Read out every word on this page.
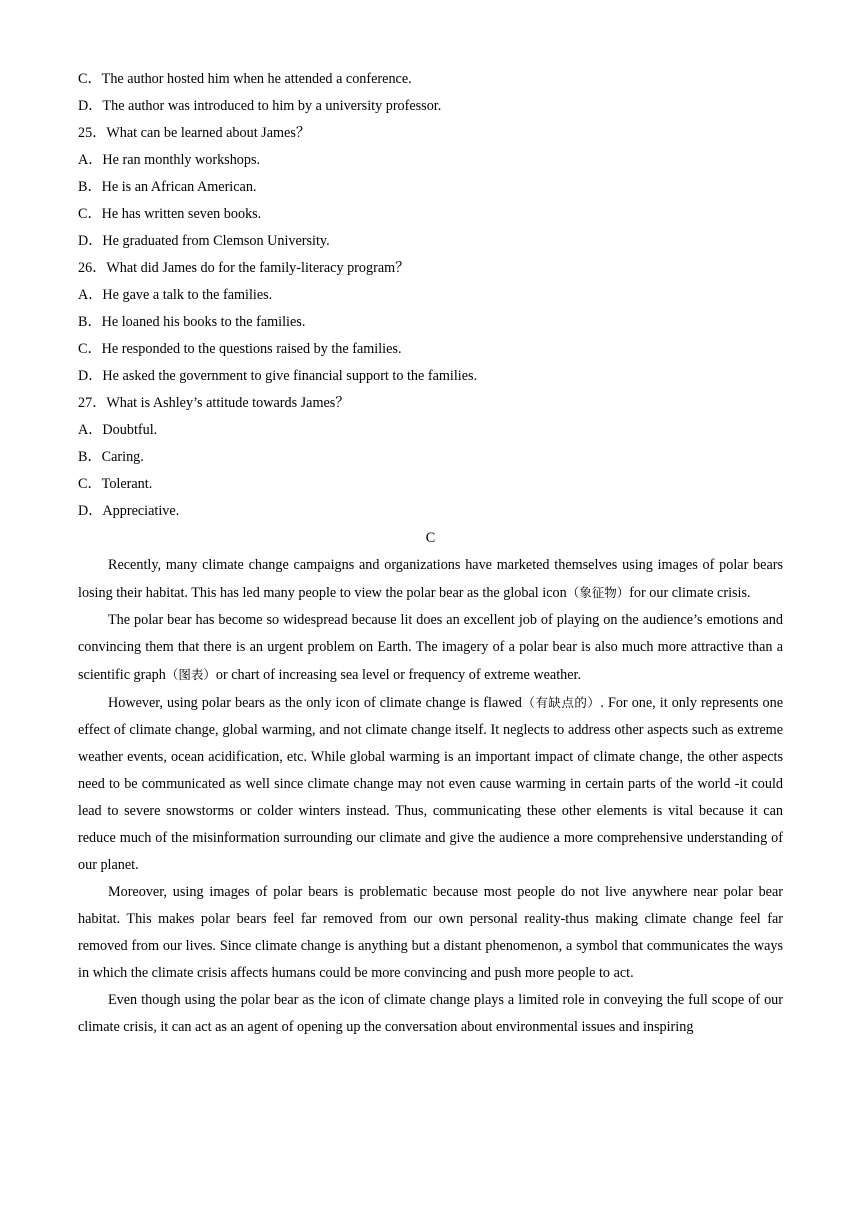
C．The author hosted him when he attended a conference.
D．The author was introduced to him by a university professor.
25．What can be learned about James？
A．He ran monthly workshops.
B．He is an African American.
C．He has written seven books.
D．He graduated from Clemson University.
26．What did James do for the family-literacy program？
A．He gave a talk to the families.
B．He loaned his books to the families.
C．He responded to the questions raised by the families.
D．He asked the government to give financial support to the families.
27．What is Ashley’s attitude towards James？
A．Doubtful.
B．Caring.
C．Tolerant.
D．Appreciative.
C

Recently, many climate change campaigns and organizations have marketed themselves using images of polar bears losing their habitat. This has led many people to view the polar bear as the global icon（象征物）for our climate crisis.

The polar bear has become so widespread because lit does an excellent job of playing on the audience’s emotions and convincing them that there is an urgent problem on Earth. The imagery of a polar bear is also much more attractive than a scientific graph（图表）or chart of increasing sea level or frequency of extreme weather.

However, using polar bears as the only icon of climate change is flawed（有缺点的）. For one, it only represents one effect of climate change, global warming, and not climate change itself. It neglects to address other aspects such as extreme weather events, ocean acidification, etc. While global warming is an important impact of climate change, the other aspects need to be communicated as well since climate change may not even cause warming in certain parts of the world -it could lead to severe snowstorms or colder winters instead. Thus, communicating these other elements is vital because it can reduce much of the misinformation surrounding our climate and give the audience a more comprehensive understanding of our planet.

Moreover, using images of polar bears is problematic because most people do not live anywhere near polar bear habitat. This makes polar bears feel far removed from our own personal reality-thus making climate change feel far removed from our lives. Since climate change is anything but a distant phenomenon, a symbol that communicates the ways in which the climate crisis affects humans could be more convincing and push more people to act.

Even though using the polar bear as the icon of climate change plays a limited role in conveying the full scope of our climate crisis, it can act as an agent of opening up the conversation about environmental issues and inspiring
